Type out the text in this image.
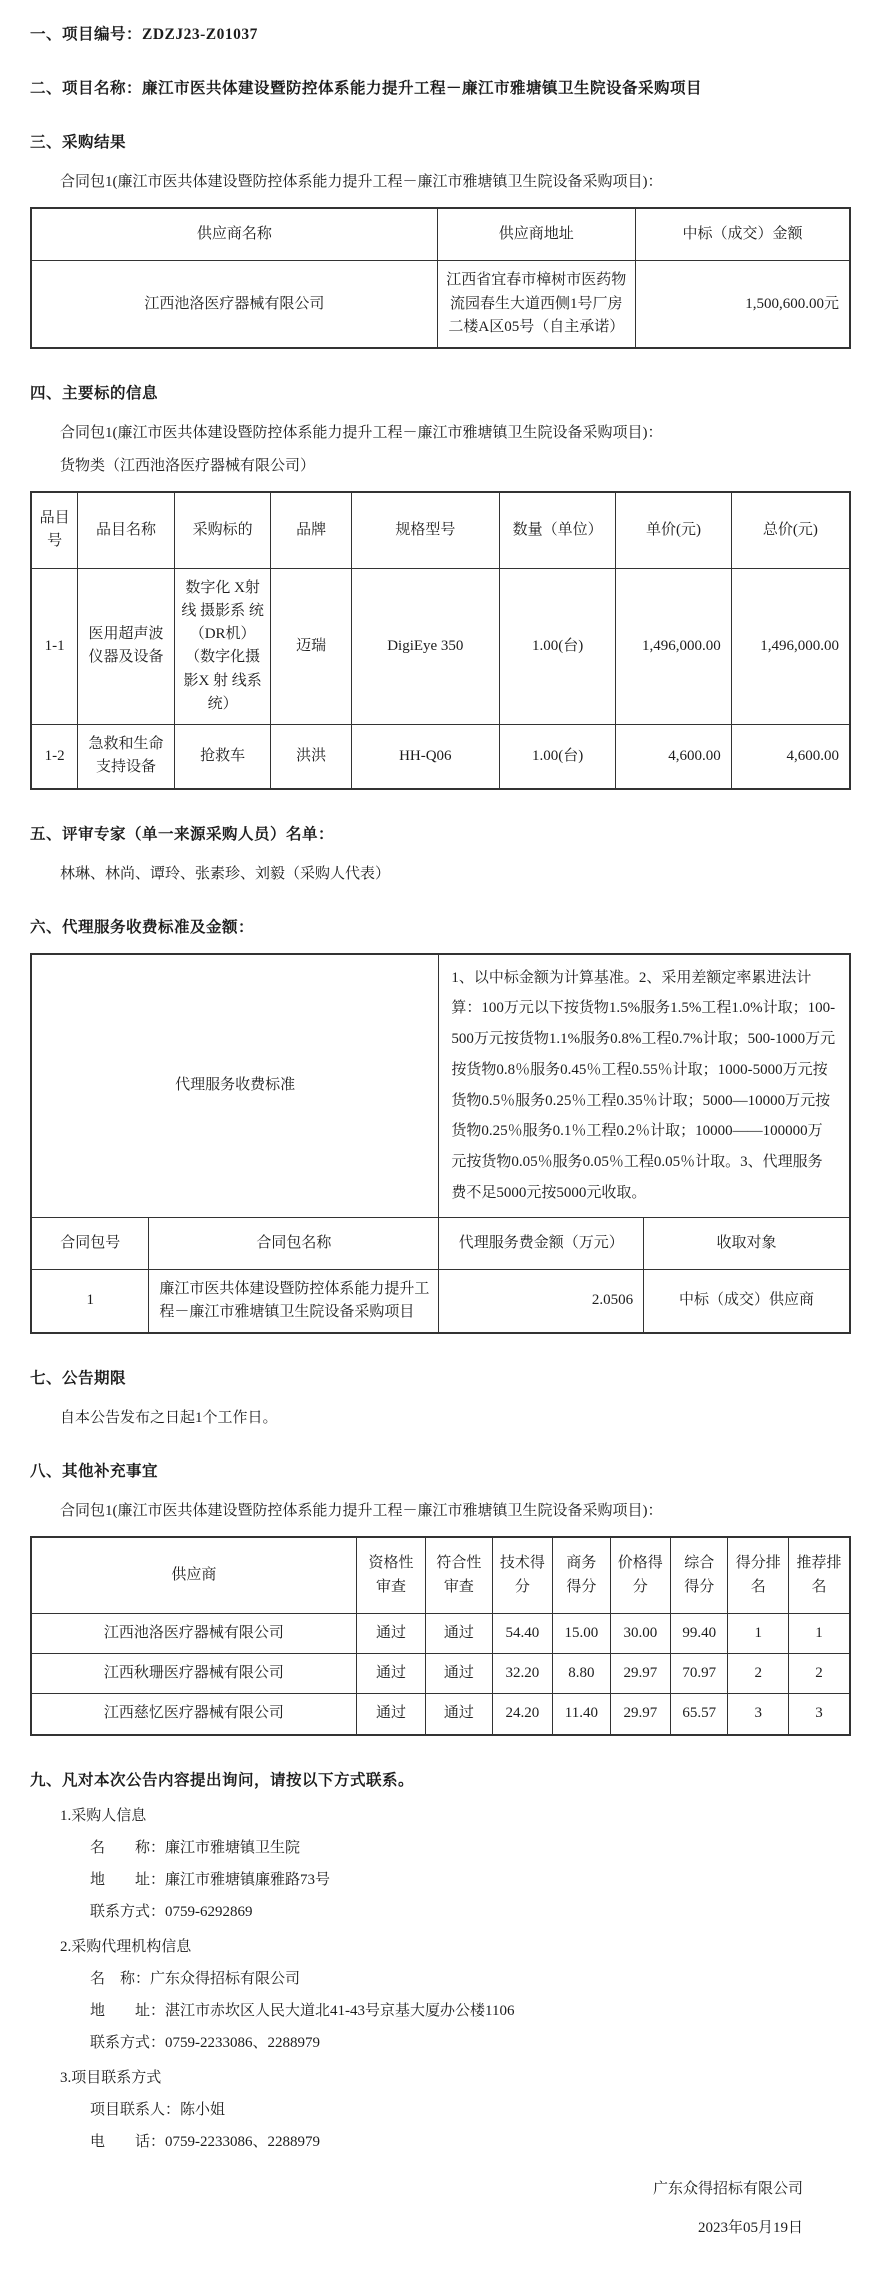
一、项目编号：ZDZJ23-Z01037
二、项目名称：廉江市医共体建设暨防控体系能力提升工程－廉江市雅塘镇卫生院设备采购项目
三、采购结果
合同包1(廉江市医共体建设暨防控体系能力提升工程－廉江市雅塘镇卫生院设备采购项目)：
供应商名称	供应商地址	中标（成交）金额
江西池洛医疗器械有限公司	江西省宜春市樟树市医药物流园春生大道西侧1号厂房二楼A区05号（自主承诺）	1,500,600.00元
四、主要标的信息
合同包1(廉江市医共体建设暨防控体系能力提升工程－廉江市雅塘镇卫生院设备采购项目)：
货物类（江西池洛医疗器械有限公司）
品目号	品目名称	采购标的	品牌	规格型号	数量（单位）	单价(元)	总价(元)
1-1	医用超声波仪器及设备	数字化 X射线 摄影系 统（DR机）（数字化摄 影X 射 线系统）	迈瑞	DigiEye 350	1.00(台)	1,496,000.00	1,496,000.00
1-2	急救和生命支持设备	抢救车	洪洪	HH-Q06	1.00(台)	4,600.00	4,600.00
五、评审专家（单一来源采购人员）名单：
林琳、林尚、谭玲、张素珍、刘毅（采购人代表）
六、代理服务收费标准及金额：
代理服务收费标准		1、以中标金额为计算基准。2、采用差额定率累进法计算：100万元以下按货物1.5%服务1.5%工程1.0%计取；100-500万元按货物1.1%服务0.8%工程0.7%计取；500-1000万元按货物0.8％服务0.45％工程0.55％计取；1000-5000万元按货物0.5％服务0.25％工程0.35％计取；5000—10000万元按货物0.25％服务0.1％工程0.2％计取；10000——100000万元按货物0.05％服务0.05％工程0.05％计取。3、代理服务费不足5000元按5000元收取。	
合同包号	合同包名称	代理服务费金额（万元）	收取对象
1	廉江市医共体建设暨防控体系能力提升工程－廉江市雅塘镇卫生院设备采购项目	2.0506	中标（成交）供应商
七、公告期限
自本公告发布之日起1个工作日。
八、其他补充事宜
合同包1(廉江市医共体建设暨防控体系能力提升工程－廉江市雅塘镇卫生院设备采购项目)：
供应商	资格性审查	符合性审查	技术得分	商务得分	价格得分	综合得分	得分排名	推荐排名
江西池洛医疗器械有限公司	通过	通过	54.40	15.00	30.00	99.40	1	1
江西秋珊医疗器械有限公司	通过	通过	32.20	8.80	29.97	70.97	2	2
江西慈忆医疗器械有限公司	通过	通过	24.20	11.40	29.97	65.57	3	3
九、凡对本次公告内容提出询问，请按以下方式联系。
1.采购人信息
名　　称：廉江市雅塘镇卫生院
地　　址：廉江市雅塘镇廉雅路73号
联系方式：0759-6292869
2.采购代理机构信息
名　称：广东众得招标有限公司
地　　址：湛江市赤坎区人民大道北41-43号京基大厦办公楼1106
联系方式：0759-2233086、2288979
3.项目联系方式
项目联系人：陈小姐
电　　话：0759-2233086、2288979
广东众得招标有限公司
2023年05月19日
